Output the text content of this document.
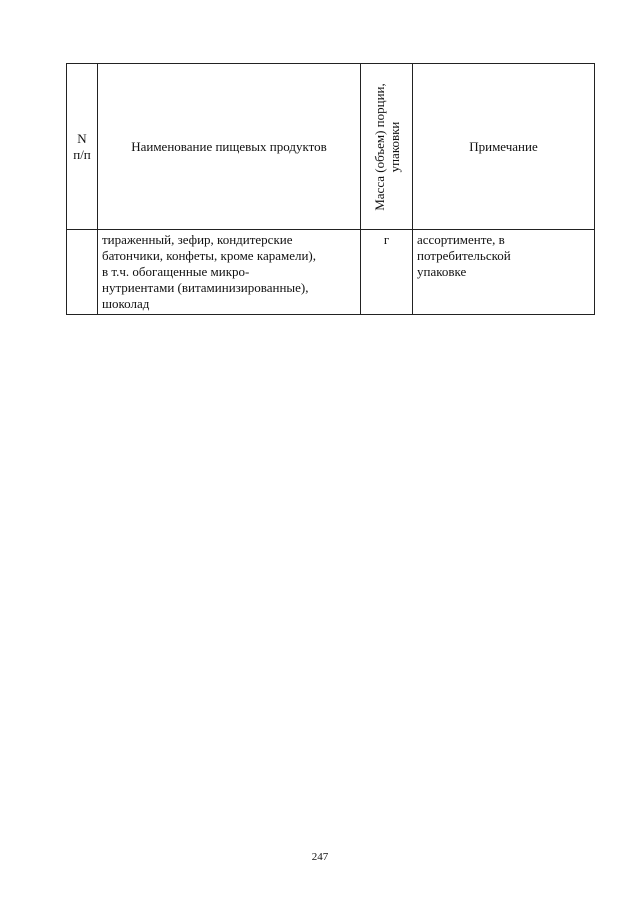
N
п/п	Наименование пищевых продуктов	Масса (объем) порции, упаковки	Примечание

	тираженный, зефир, кондитерские
батончики, конфеты, кроме карамели),
в т.ч. обогащенные микро-
нутриентами (витаминизированные),
шоколад	г	ассортименте, в
потребительской
упаковке
247
